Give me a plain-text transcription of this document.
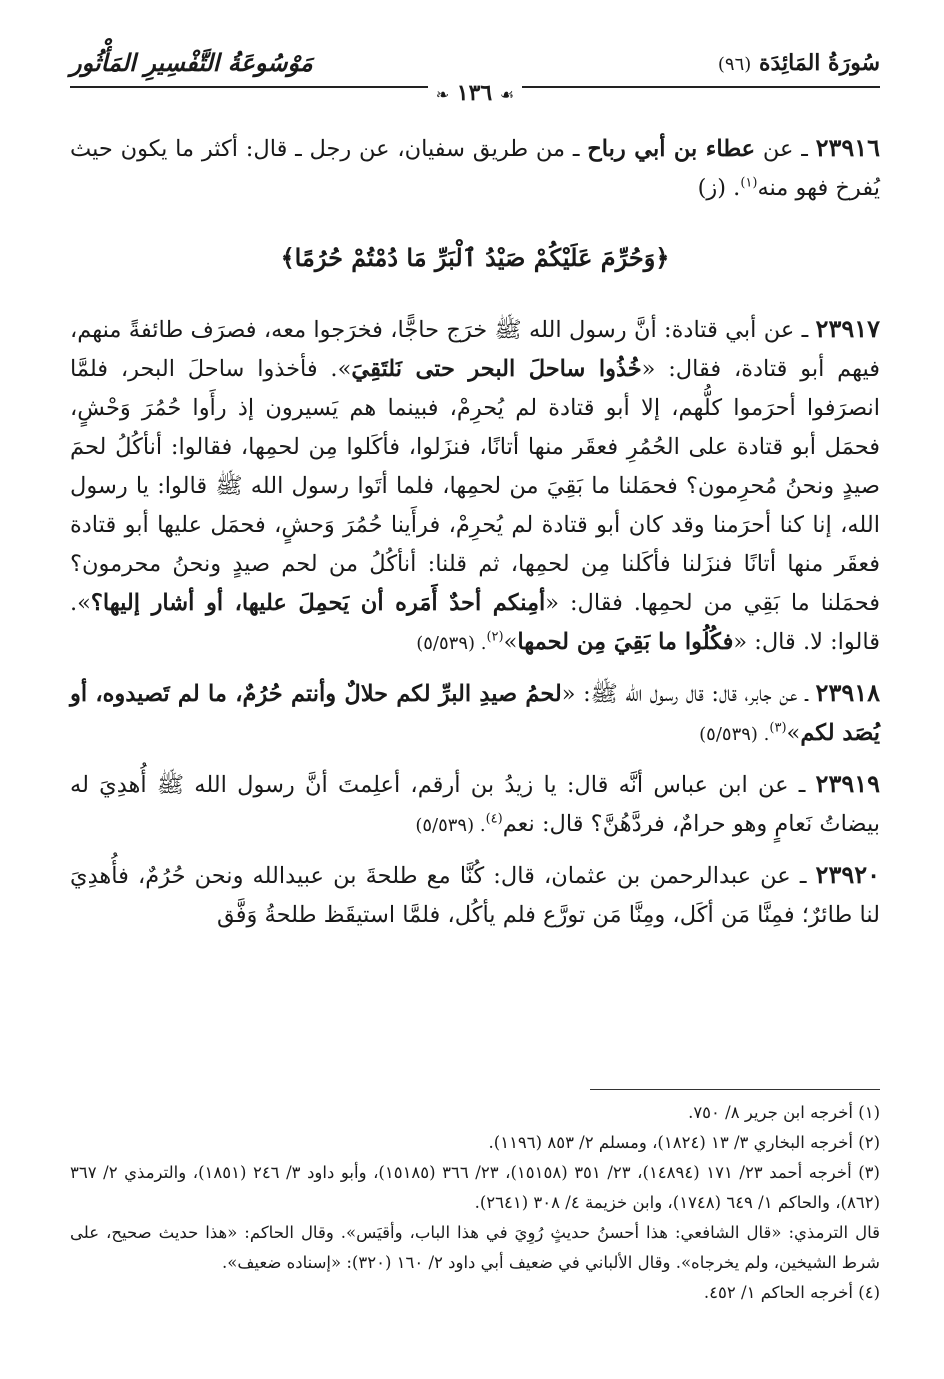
سُورَةُ المَائِدَة (٩٦)
مَوْسُوعَةُ التَّفْسِيرِ المَأْثُور
☙ ١٣٦ ❧

٢٣٩١٦ ـ عن عطاء بن أبي رباح ـ من طريق سفيان، عن رجل ـ قال: أكثر ما يكون حيث يُفرخ فهو منه$^{(١)}$. (ز)

﴿وَحُرِّمَ عَلَيْكُمْ صَيْدُ ٱلْبَرِّ مَا دُمْتُمْ حُرُمًا﴾

٢٣٩١٧ ـ عن أبي قتادة: أنَّ رسول الله ﷺ خرَج حاجًّا، فخرَجوا معه، فصرَف طائفةً منهم، فيهم أبو قتادة، فقال: «خُذُوا ساحلَ البحر حتى نَلتَقِيَ». فأخذوا ساحلَ البحر، فلمَّا انصرَفوا أحرَموا كلُّهم، إلا أبو قتادة لم يُحرِمْ، فبينما هم يَسيرون إذ رأَوا حُمُرَ وَحْشٍ، فحمَل أبو قتادة على الحُمُرِ فعقَر منها أتانًا، فنزَلوا، فأكَلوا مِن لحمِها، فقالوا: أنأكُلُ لحمَ صيدٍ ونحنُ مُحرِمون؟ فحمَلنا ما بَقِيَ من لحمِها، فلما أتَوا رسول الله ﷺ قالوا: يا رسول الله، إنا كنا أحرَمنا وقد كان أبو قتادة لم يُحرِمْ، فرأَينا حُمُرَ وَحشٍ، فحمَل عليها أبو قتادة فعقَر منها أتانًا فنزَلنا فأكَلنا مِن لحمِها، ثم قلنا: أنأكُلُ من لحم صيدٍ ونحنُ محرمون؟ فحمَلنا ما بَقِي من لحمِها. فقال: «أمِنكم أحدٌ أَمَره أن يَحمِلَ عليها، أو أشار إليها؟». قالوا: لا. قال: «فكُلُوا ما بَقِيَ مِن لحمها»$^{(٢)}$. (٥/٥٣٩)

٢٣٩١٨ ـ عن جابر، قال: قال رسول الله ﷺ: «لحمُ صيدِ البرِّ لكم حلالٌ وأنتم حُرُمٌ، ما لم تَصيدوه، أو يُصَد لكم»$^{(٣)}$. (٥/٥٣٩)

٢٣٩١٩ ـ عن ابن عباس أنَّه قال: يا زيدُ بن أرقم، أعلِمتَ أنَّ رسول الله ﷺ أُهدِيَ له بيضاتُ نَعامٍ وهو حرامٌ، فردَّهُنَّ؟ قال: نعم$^{(٤)}$. (٥/٥٣٩)

٢٣٩٢٠ ـ عن عبدالرحمن بن عثمان، قال: كُنَّا مع طلحةَ بن عبيدالله ونحن حُرُمٌ، فأُهدِيَ لنا طائرٌ؛ فمِنَّا مَن أكَل، ومِنَّا مَن تورَّع فلم يأكُل، فلمَّا استيقَظ طلحةُ وَفَّق

(١) أخرجه ابن جرير ٨/ ٧٥٠.

(٢) أخرجه البخاري ٣/ ١٣ (١٨٢٤)، ومسلم ٢/ ٨٥٣ (١١٩٦).

(٣) أخرجه أحمد ٢٣/ ١٧١ (١٤٨٩٤)، ٢٣/ ٣٥١ (١٥١٥٨)، ٢٣/ ٣٦٦ (١٥١٨٥)، وأبو داود ٣/ ٢٤٦ (١٨٥١)، والترمذي ٢/ ٣٦٧ (٨٦٢)، والحاكم ١/ ٦٤٩ (١٧٤٨)، وابن خزيمة ٤/ ٣٠٨ (٢٦٤١).

قال الترمذي: «قال الشافعي: هذا أحسنُ حديثٍ رُوِيَ في هذا الباب، وأقيَس». وقال الحاكم: «هذا حديث صحيح، على شرط الشيخين، ولم يخرجاه». وقال الألباني في ضعيف أبي داود ٢/ ١٦٠ (٣٢٠): «إسناده ضعيف».

(٤) أخرجه الحاكم ١/ ٤٥٢.
